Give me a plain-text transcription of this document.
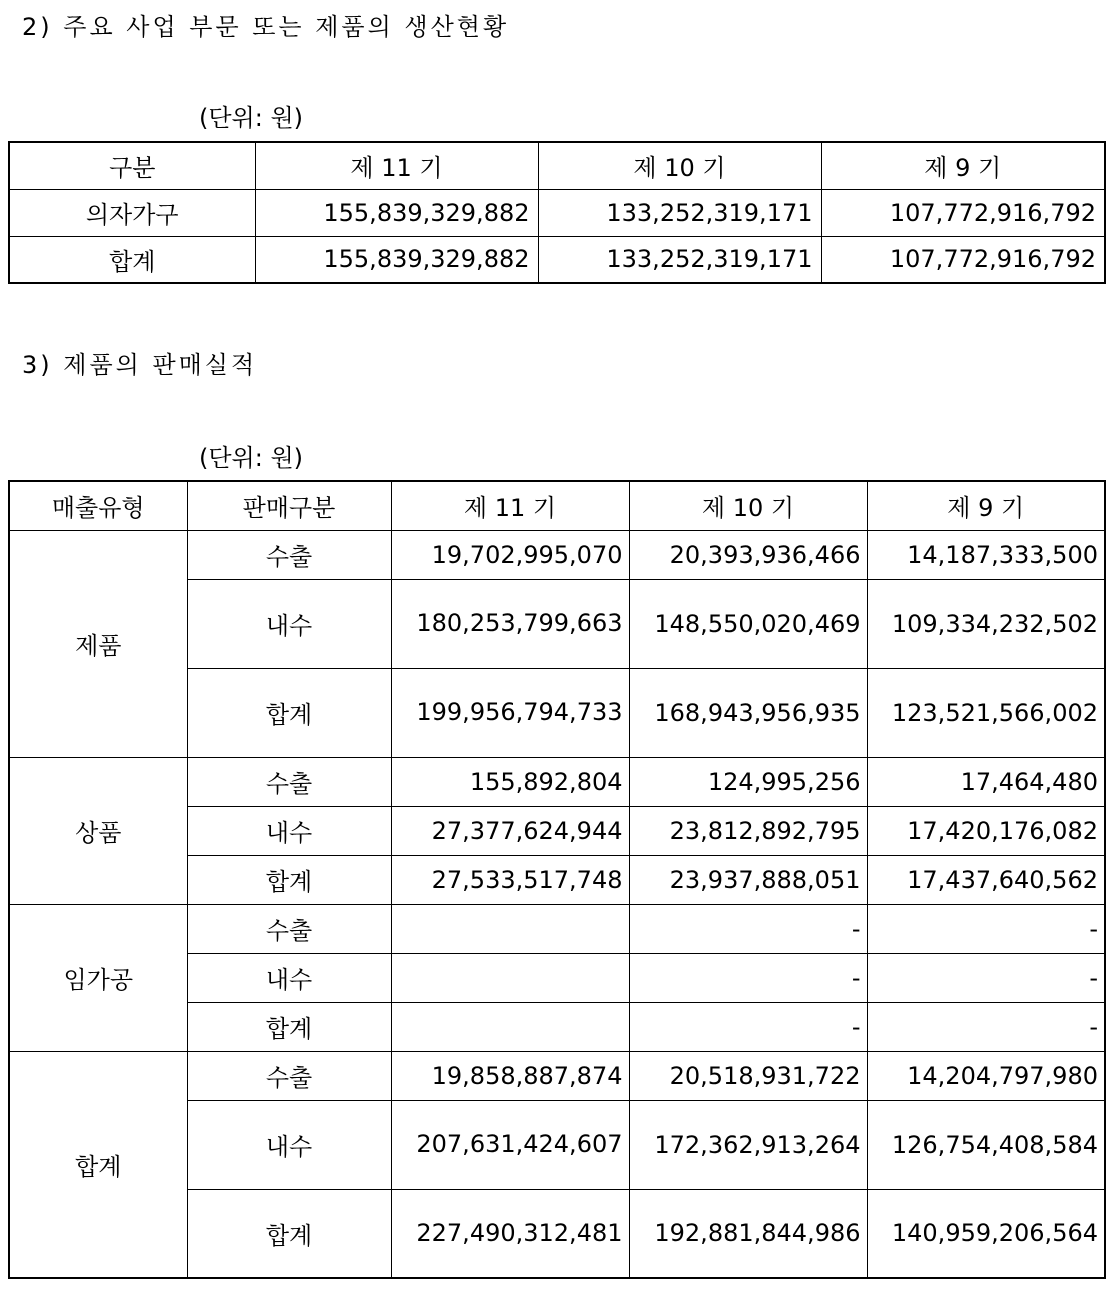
2) 주요 사업 부문 또는 제품의 생산현황
(단위: 원)
구분	제 11 기	제 10 기	제 9 기
의자가구	155,839,329,882	133,252,319,171	107,772,916,792
합계	155,839,329,882	133,252,319,171	107,772,916,792
3) 제품의 판매실적
(단위: 원)
매출유형	판매구분	제 11 기	제 10 기	제 9 기
제품	수출	19,702,995,070	20,393,936,466	14,187,333,500
	내수	180,253,799,663	148,550,020,469	109,334,232,502
	합계	199,956,794,733	168,943,956,935	123,521,566,002
상품	수출	155,892,804	124,995,256	17,464,480
	내수	27,377,624,944	23,812,892,795	17,420,176,082
	합계	27,533,517,748	23,937,888,051	17,437,640,562
임가공	수출		-	-
	내수		-	-
	합계		-	-
합계	수출	19,858,887,874	20,518,931,722	14,204,797,980
	내수	207,631,424,607	172,362,913,264	126,754,408,584
	합계	227,490,312,481	192,881,844,986	140,959,206,564
